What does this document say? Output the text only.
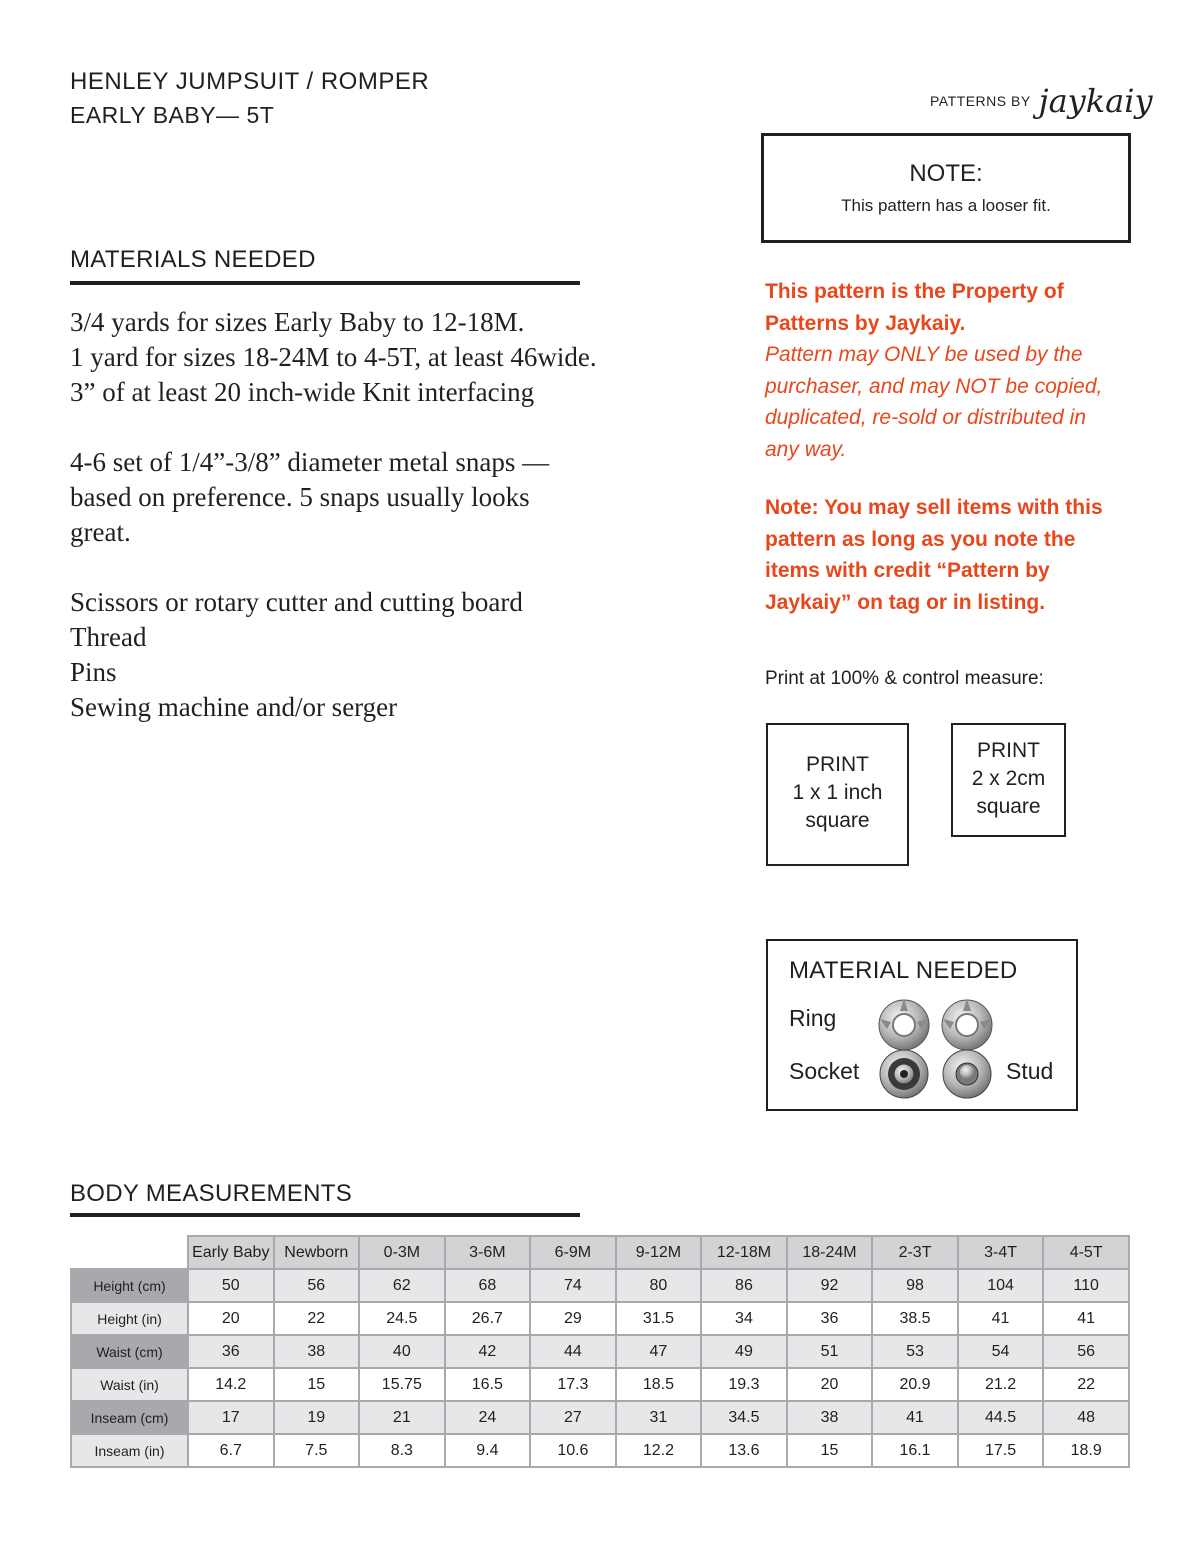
HENLEY JUMPSUIT / ROMPER
EARLY BABY— 5T
PATTERNS BY jaykaiy
NOTE:
This pattern has a looser fit.
MATERIALS NEEDED
3/4 yards for sizes Early Baby to 12-18M.
1 yard for sizes 18-24M to 4-5T, at least 46wide.
3” of at least 20 inch-wide Knit interfacing
4-6 set of 1/4”-3/8” diameter metal snaps —based on preference. 5 snaps usually looks great.
Scissors or rotary cutter and cutting board
Thread
Pins
Sewing machine and/or serger
This pattern is the Property of Patterns by Jaykaiy.
Pattern may ONLY be used by the purchaser, and may NOT be copied, duplicated, re-sold or distributed in any way.
Note: You may sell items with this pattern as long as you note the items with credit “Pattern by Jaykaiy” on tag or in listing.
Print at 100% & control measure:
PRINT
1 x 1 inch
square
PRINT
2 x 2cm
square
MATERIAL NEEDED
Ring
Socket	Stud
BODY MEASUREMENTS
	Early Baby	Newborn	0-3M	3-6M	6-9M	9-12M	12-18M	18-24M	2-3T	3-4T	4-5T
Height (cm)	50	56	62	68	74	80	86	92	98	104	110
Height (in)	20	22	24.5	26.7	29	31.5	34	36	38.5	41	41
Waist (cm)	36	38	40	42	44	47	49	51	53	54	56
Waist (in)	14.2	15	15.75	16.5	17.3	18.5	19.3	20	20.9	21.2	22
Inseam (cm)	17	19	21	24	27	31	34.5	38	41	44.5	48
Inseam (in)	6.7	7.5	8.3	9.4	10.6	12.2	13.6	15	16.1	17.5	18.9
